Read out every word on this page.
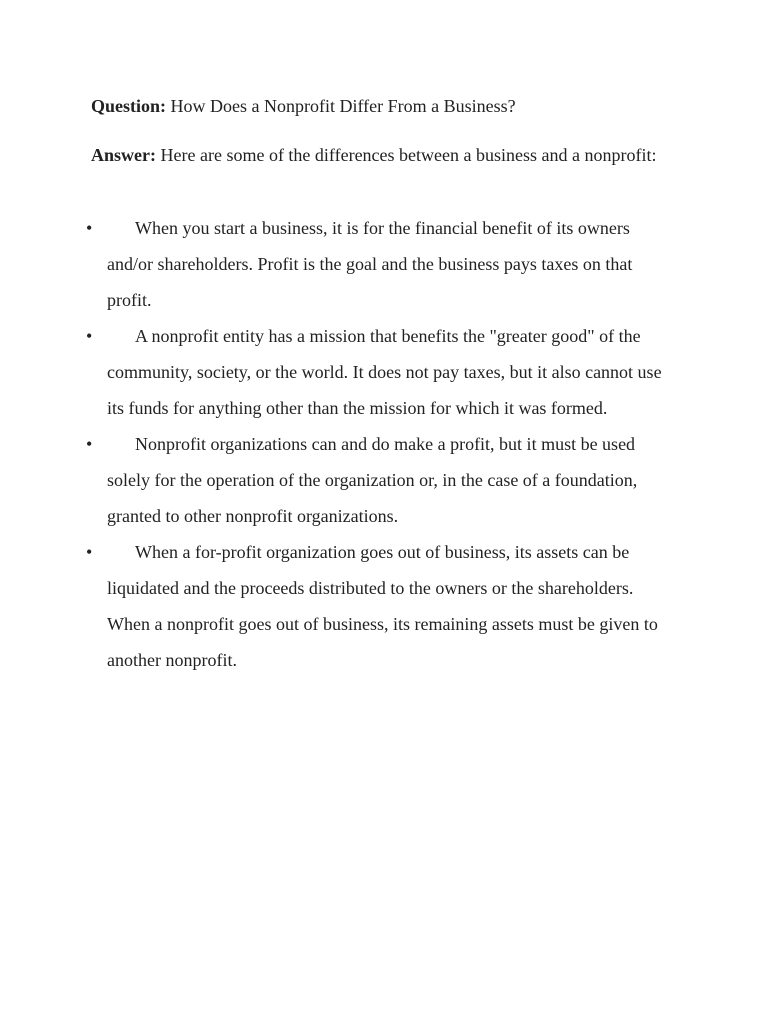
Question: How Does a Nonprofit Differ From a Business?
Answer: Here are some of the differences between a business and a nonprofit:
•	When you start a business, it is for the financial benefit of its owners and/or shareholders. Profit is the goal and the business pays taxes on that profit.
•	A nonprofit entity has a mission that benefits the "greater good" of the community, society, or the world. It does not pay taxes, but it also cannot use its funds for anything other than the mission for which it was formed.
•	Nonprofit organizations can and do make a profit, but it must be used solely for the operation of the organization or, in the case of a foundation, granted to other nonprofit organizations.
•	When a for-profit organization goes out of business, its assets can be liquidated and the proceeds distributed to the owners or the shareholders. When a nonprofit goes out of business, its remaining assets must be given to another nonprofit.
